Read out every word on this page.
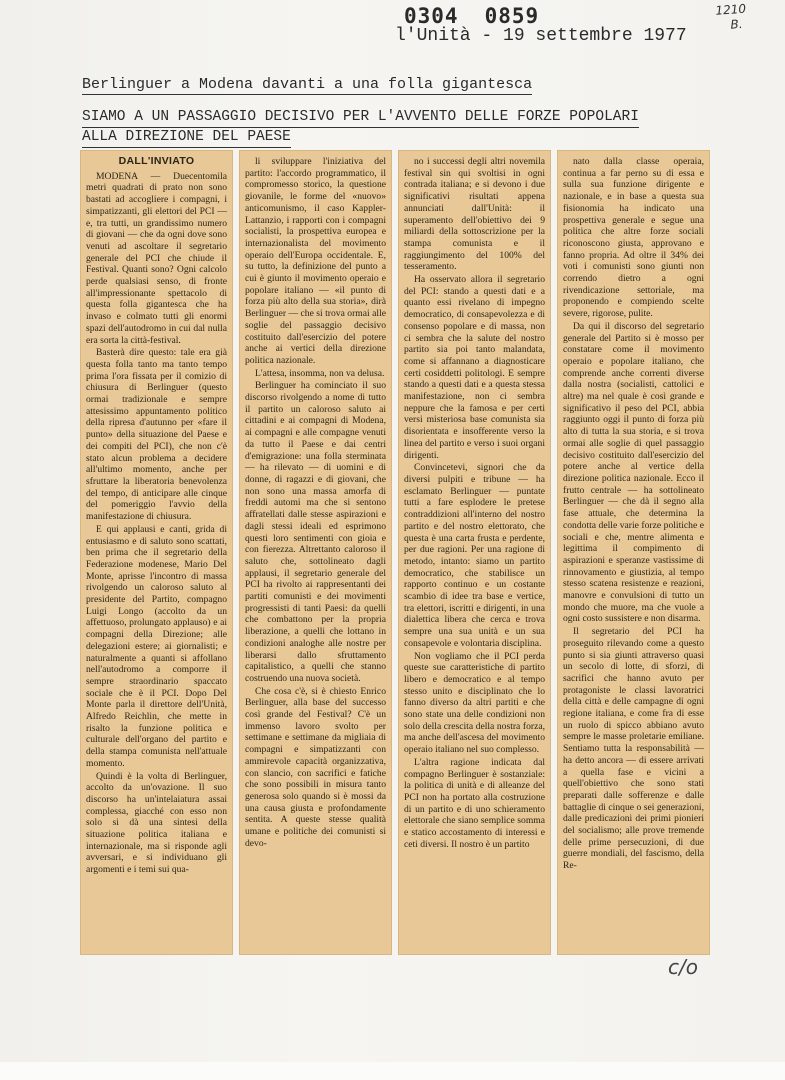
0304 0859
l'Unità - 19 settembre 1977
1210
B.
Berlinguer a Modena davanti a una folla gigantesca
SIAMO A UN PASSAGGIO DECISIVO PER L'AVVENTO DELLE FORZE POPOLARI
ALLA DIREZIONE DEL PAESE
DALL'INVIATO

MODENA — Duecentomila metri quadrati di prato non sono bastati ad accogliere i compagni, i simpatizzanti, gli elettori del PCI — e, tra tutti, un grandissimo numero di giovani — che da ogni dove sono venuti ad ascoltare il segretario generale del PCI che chiude il Festival. Quanti sono? Ogni calcolo perde qualsiasi senso, di fronte all'impressionante spettacolo di questa folla gigantesca che ha invaso e colmato tutti gli enormi spazi dell'autodromo in cui dal nulla era sorta la città-festival.

Basterà dire questo: tale era già questa folla tanto ma tanto tempo prima l'ora fissata per il comizio di chiusura di Berlinguer (questo ormai tradizionale e sempre attesissimo appuntamento politico della ripresa d'autunno per «fare il punto» della situazione del Paese e dei compiti del PCI), che non c'è stato alcun problema a decidere all'ultimo momento, anche per sfruttare la liberatoria benevolenza del tempo, di anticipare alle cinque del pomeriggio l'avvio della manifestazione di chiusura.

E qui applausi e canti, grida di entusiasmo e di saluto sono scattati, ben prima che il segretario della Federazione modenese, Mario Del Monte, aprisse l'incontro di massa rivolgendo un caloroso saluto al presidente del Partito, compagno Luigi Longo (accolto da un affettuoso, prolungato applauso) e ai compagni della Direzione; alle delegazioni estere; ai giornalisti; e naturalmente a quanti si affollano nell'autodromo a comporre il sempre straordinario spaccato sociale che è il PCI. Dopo Del Monte parla il direttore dell'Unità, Alfredo Reichlin, che mette in risalto la funzione politica e culturale dell'organo del partito e della stampa comunista nell'attuale momento.

Quindi è la volta di Berlinguer, accolto da un'ovazione. Il suo discorso ha un'intelaiatura assai complessa, giacché con esso non solo si dà una sintesi della situazione politica italiana e internazionale, ma si risponde agli avversari, e si individuano gli argomenti e i temi sui qua-

li sviluppare l'iniziativa del partito: l'accordo programmatico, il compromesso storico, la questione giovanile, le forme del «nuovo» anticomunismo, il caso Kappler-Lattanzio, i rapporti con i compagni socialisti, la prospettiva europea e internazionalista del movimento operaio dell'Europa occidentale. E, su tutto, la definizione del punto a cui è giunto il movimento operaio e popolare italiano — «il punto di forza più alto della sua storia», dirà Berlinguer — che si trova ormai alle soglie del passaggio decisivo costituito dall'esercizio del potere anche ai vertici della direzione politica nazionale.

L'attesa, insomma, non va delusa.

Berlinguer ha cominciato il suo discorso rivolgendo a nome di tutto il partito un caloroso saluto ai cittadini e ai compagni di Modena, ai compagni e alle compagne venuti da tutto il Paese e dai centri d'emigrazione: una folla sterminata — ha rilevato — di uomini e di donne, di ragazzi e di giovani, che non sono una massa amorfa di freddi automi ma che si sentono affratellati dalle stesse aspirazioni e dagli stessi ideali ed esprimono questi loro sentimenti con gioia e con fierezza. Altrettanto caloroso il saluto che, sottolineato dagli applausi, il segretario generale del PCI ha rivolto ai rappresentanti dei partiti comunisti e dei movimenti progressisti di tanti Paesi: da quelli che combattono per la propria liberazione, a quelli che lottano in condizioni analoghe alle nostre per liberarsi dallo sfruttamento capitalistico, a quelli che stanno costruendo una nuova società.

Che cosa c'è, si è chiesto Enrico Berlinguer, alla base del successo così grande del Festival? C'è un immenso lavoro svolto per settimane e settimane da migliaia di compagni e simpatizzanti con ammirevole capacità organizzativa, con slancio, con sacrifici e fatiche che sono possibili in misura tanto generosa solo quando si è mossi da una causa giusta e profondamente sentita. A queste stesse qualità umane e politiche dei comunisti si devo-

no i successi degli altri novemila festival sin qui svoltisi in ogni contrada italiana; e si devono i due significativi risultati appena annunciati dall'Unità: il superamento dell'obiettivo dei 9 miliardi della sottoscrizione per la stampa comunista e il raggiungimento del 100% del tesseramento.

Ha osservato allora il segretario del PCI: stando a questi dati e a quanto essi rivelano di impegno democratico, di consapevolezza e di consenso popolare e di massa, non ci sembra che la salute del nostro partito sia poi tanto malandata, come si affannano a diagnosticare certi cosiddetti politologi. E sempre stando a questi dati e a questa stessa manifestazione, non ci sembra neppure che la famosa e per certi versi misteriosa base comunista sia disorientata e insofferente verso la linea del partito e verso i suoi organi dirigenti.

Convincetevi, signori che da diversi pulpiti e tribune — ha esclamato Berlinguer — puntate tutti a fare esplodere le pretese contraddizioni all'interno del nostro partito e del nostro elettorato, che questa è una carta frusta e perdente, per due ragioni. Per una ragione di metodo, intanto: siamo un partito democratico, che stabilisce un rapporto continuo e un costante scambio di idee tra base e vertice, tra elettori, iscritti e dirigenti, in una dialettica libera che cerca e trova sempre una sua unità e un sua consapevole e volontaria disciplina.

Non vogliamo che il PCI perda queste sue caratteristiche di partito libero e democratico e al tempo stesso unito e disciplinato che lo fanno diverso da altri partiti e che sono state una delle condizioni non solo della crescita della nostra forza, ma anche dell'ascesa del movimento operaio italiano nel suo complesso.

L'altra ragione indicata dal compagno Berlinguer è sostanziale: la politica di unità e di alleanze del PCI non ha portato alla costruzione di un partito e di uno schieramento elettorale che siano semplice somma e statico accostamento di interessi e ceti diversi. Il nostro è un partito

nato dalla classe operaia, continua a far perno su di essa e sulla sua funzione dirigente e nazionale, e in base a questa sua fisionomia ha indicato una prospettiva generale e segue una politica che altre forze sociali riconoscono giusta, approvano e fanno propria. Ad oltre il 34% dei voti i comunisti sono giunti non correndo dietro a ogni rivendicazione settoriale, ma proponendo e compiendo scelte severe, rigorose, pulite.

Da qui il discorso del segretario generale del Partito si è mosso per constatare come il movimento operaio e popolare italiano, che comprende anche correnti diverse dalla nostra (socialisti, cattolici e altre) ma nel quale è così grande e significativo il peso del PCI, abbia raggiunto oggi il punto di forza più alto di tutta la sua storia, e si trova ormai alle soglie di quel passaggio decisivo costituito dall'esercizio del potere anche al vertice della direzione politica nazionale. Ecco il frutto centrale — ha sottolineato Berlinguer — che dà il segno alla fase attuale, che determina la condotta delle varie forze politiche e sociali e che, mentre alimenta e legittima il compimento di aspirazioni e speranze vastissime di rinnovamento e giustizia, al tempo stesso scatena resistenze e reazioni, manovre e convulsioni di tutto un mondo che muore, ma che vuole a ogni costo sussistere e non disarma.

Il segretario del PCI ha proseguito rilevando come a questo punto si sia giunti attraverso quasi un secolo di lotte, di sforzi, di sacrifici che hanno avuto per protagoniste le classi lavoratrici della città e delle campagne di ogni regione italiana, e come fra di esse un ruolo di spicco abbiano avuto sempre le masse proletarie emiliane. Sentiamo tutta la responsabilità — ha detto ancora — di essere arrivati a quella fase e vicini a quell'obiettivo che sono stati preparati dalle sofferenze e dalle battaglie di cinque o sei generazioni, dalle predicazioni dei primi pionieri del socialismo; alle prove tremende delle prime persecuzioni, di due guerre mondiali, del fascismo, della Re-

c/o
